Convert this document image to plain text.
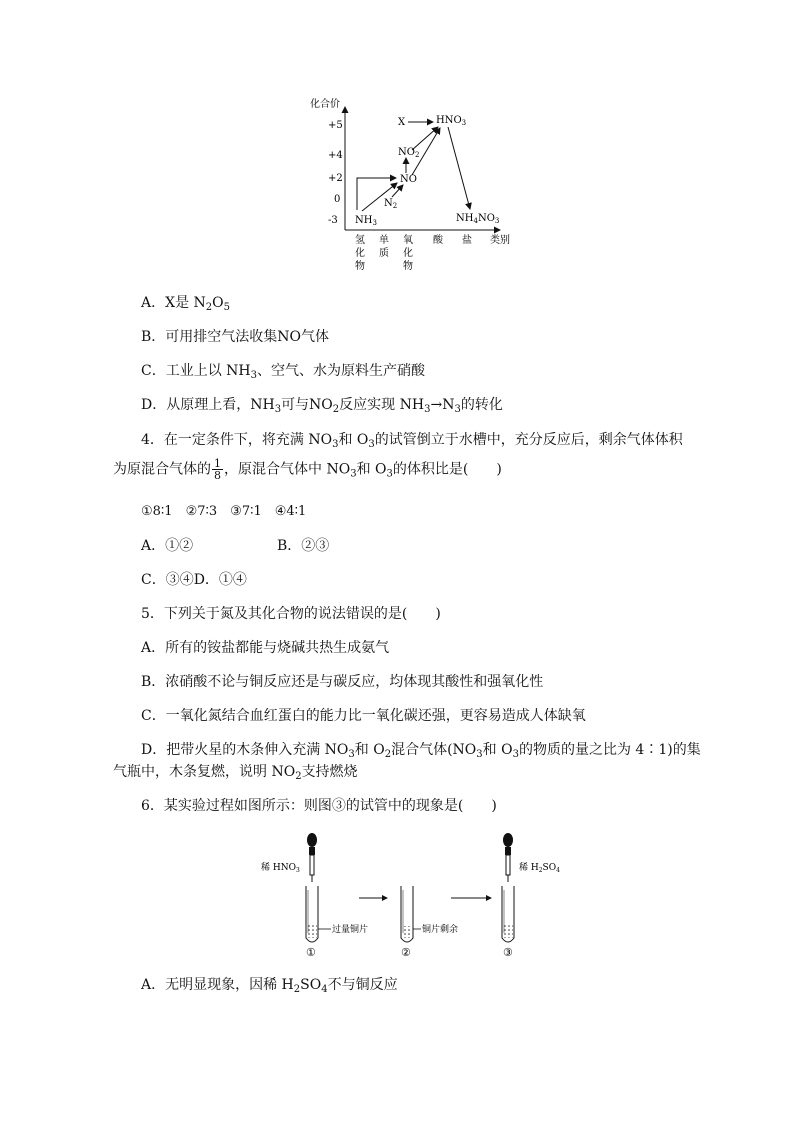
化合价
+5
+4
+2
0
-3
氢
化
物
单
质
氧
化
物
酸 盐 类别
X	$HNO_3$
$NO_2$
NO
$N_2$
$NH_3$	$NH_4NO_3$
A．X是 $N_2O_5$
B．可用排空气法收集NO气体
C．工业上以 $NH_3$、空气、水为原料生产硝酸
D．从原理上看，$NH_3$可与$NO_2$反应实现 $NH_3\to N_3$的转化
4．在一定条件下，将充满 $NO_3$和 $O_3$的试管倒立于水槽中，充分反应后，剩余气体体积
为原混合气体的 $\frac{1}{8}$ ，原混合气体中 $NO_3$和 $O_3$的体积比是(　　)
①8∶1　②7∶3　③7∶1　④4∶1
A．①②	B．②③
C．③④D．①④
5．下列关于氮及其化合物的说法错误的是(　　)
A．所有的铵盐都能与烧碱共热生成氨气
B．浓硝酸不论与铜反应还是与碳反应，均体现其酸性和强氧化性
C．一氧化氮结合血红蛋白的能力比一氧化碳还强，更容易造成人体缺氧
D．把带火星的木条伸入充满 $NO_3$和 $O_2$混合气体($NO_3$和 $O_3$的物质的量之比为 4∶1)的集
气瓶中，木条复燃，说明 $NO_2$支持燃烧
6．某实验过程如图所示：则图③的试管中的现象是(　　)
稀 $HNO_3$
过量铜片
①
铜片剩余
②
稀 $H_2SO_4$
③
A．无明显现象，因稀 $H_2SO_4$不与铜反应
